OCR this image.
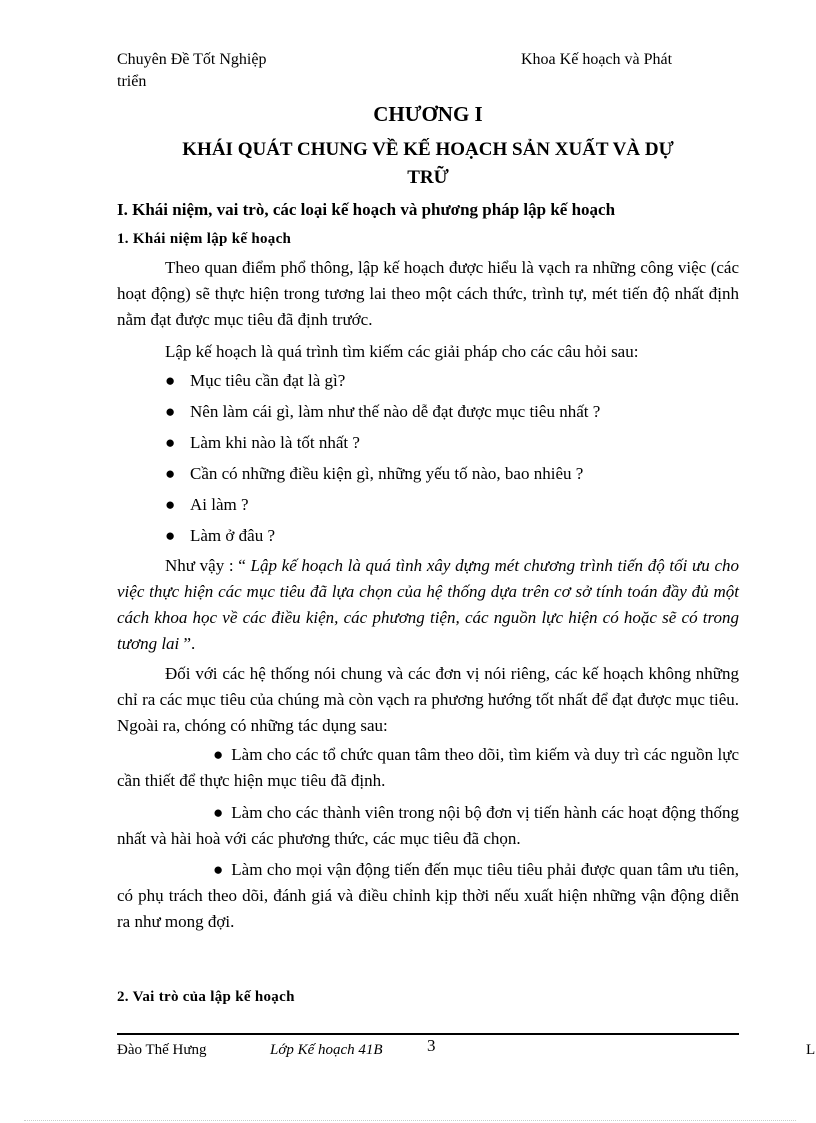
Chuyên Đề Tốt Nghiệp	Khoa Kế hoạch và Phát
triển
CHƯƠNG I
KHÁI QUÁT CHUNG VỀ KẾ HOẠCH SẢN XUẤT VÀ DỰ
TRỮ
I. Khái niệm, vai trò, các loại kế hoạch và phương pháp lập kế hoạch
1. Khái niệm lập kế hoạch
Theo quan điểm phổ thông, lập kế hoạch được hiểu là vạch ra những công việc (các hoạt động) sẽ thực hiện trong tương lai theo một cách thức, trình tự, mét tiến độ nhất định nằm đạt được mục tiêu đã định trước.
Lập kế hoạch là quá trình tìm kiếm các giải pháp cho các câu hỏi sau:
● Mục tiêu cần đạt là gì?
● Nên làm cái gì, làm như thế nào dễ đạt được mục tiêu nhất ?
● Làm khi nào là tốt nhất ?
● Cần có những điều kiện gì, những yếu tố nào, bao nhiêu ?
● Ai làm ?
● Làm ở đâu ?
Như vậy : “ Lập kế hoạch là quá tình xây dựng mét chương trình tiến độ tối ưu cho việc thực hiện các mục tiêu đã lựa chọn của hệ thống dựa trên cơ sở tính toán đầy đủ một cách khoa học về các điều kiện, các phương tiện, các nguồn lực hiện có hoặc sẽ có trong tương lai ”.
Đối với các hệ thống nói chung và các đơn vị nói riêng, các kế hoạch không những chỉ ra các mục tiêu của chúng mà còn vạch ra phương hướng tốt nhất để đạt được mục tiêu. Ngoài ra, chóng có những tác dụng sau:
● Làm cho các tổ chức quan tâm theo dõi, tìm kiếm và duy trì các nguồn lực cần thiết để thực hiện mục tiêu đã định.
● Làm cho các thành viên trong nội bộ đơn vị tiến hành các hoạt động thống nhất và hài hoà với các phương thức, các mục tiêu đã chọn.
● Làm cho mọi vận động tiến đến mục tiêu tiêu phải được quan tâm ưu tiên, có phụ trách theo dõi, đánh giá và điều chỉnh kịp thời nếu xuất hiện những vận động diễn ra như mong đợi.
2. Vai trò của lập kế hoạch
Đào Thế Hưng	Lớp Kế hoạch 41B	3	L
